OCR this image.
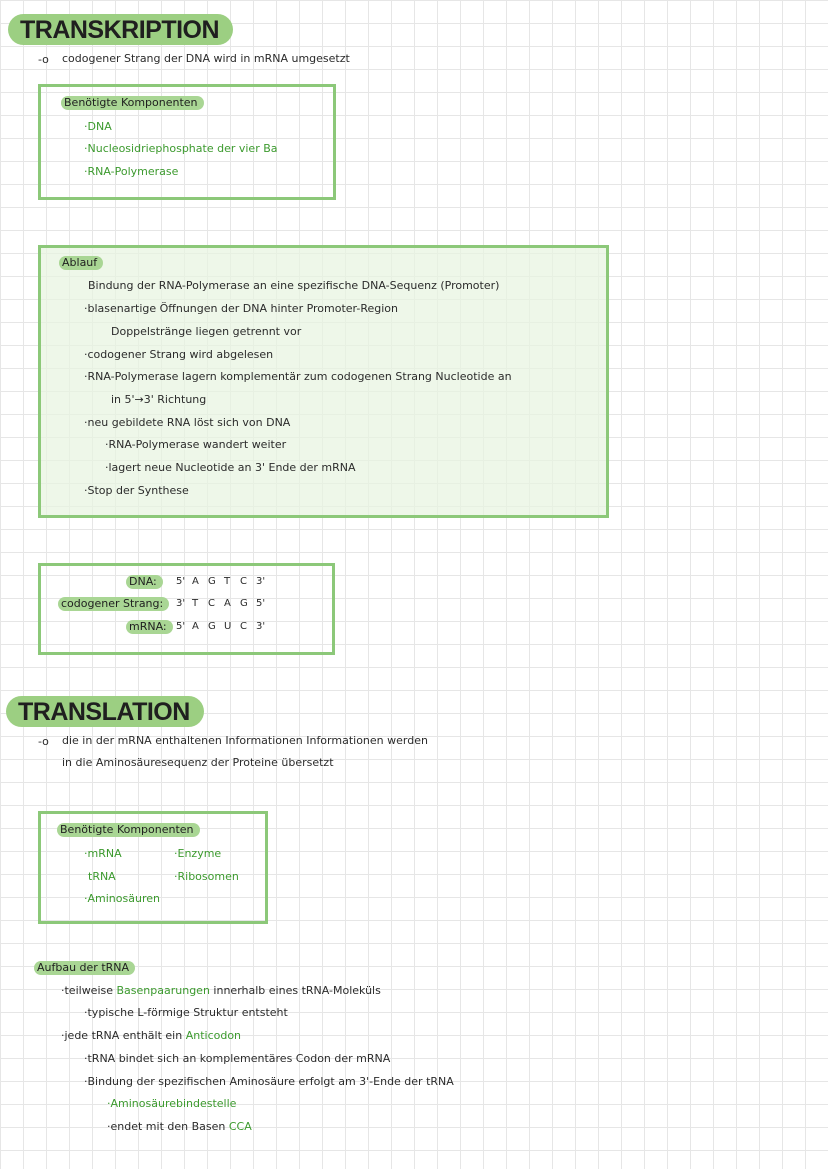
TRANSKRIPTION
-o codogener Strang der DNA wird in mRNA umgesetzt
Benötigte Komponenten
·DNA
·Nucleosidriephosphate der vier Ba
·RNA-Polymerase
Ablauf
Bindung der RNA-Polymerase an eine spezifische DNA-Sequenz (Promoter)
·blasenartige Öffnungen der DNA hinter Promoter-Region
Doppelstränge liegen getrennt vor
·codogener Strang wird abgelesen
·RNA-Polymerase lagern komplementär zum codogenen Strang Nucleotide an
in 5'→3' Richtung
·neu gebildete RNA löst sich von DNA
·RNA-Polymerase wandert weiter
·lagert neue Nucleotide an 3' Ende der mRNA
·Stop der Synthese
DNA:	5' A G T C 3'
codogener Strang:	3' T C A G 5'
mRNA: 5' A G U C 3'
TRANSLATION
-o die in der mRNA enthaltenen Informationen Informationen werden
in die Aminosäuresequenz der Proteine übersetzt
Benötigte Komponenten
·mRNA
tRNA
·Aminosäuren
·Enzyme
·Ribosomen
Aufbau der tRNA
·teilweise Basenpaarungen innerhalb eines tRNA-Moleküls
·typische L-förmige Struktur entsteht
·jede tRNA enthält ein Anticodon
·tRNA bindet sich an komplementäres Codon der mRNA
·Bindung der spezifischen Aminosäure erfolgt am 3'-Ende der tRNA
·Aminosäurebindestelle
·endet mit den Basen CCA
